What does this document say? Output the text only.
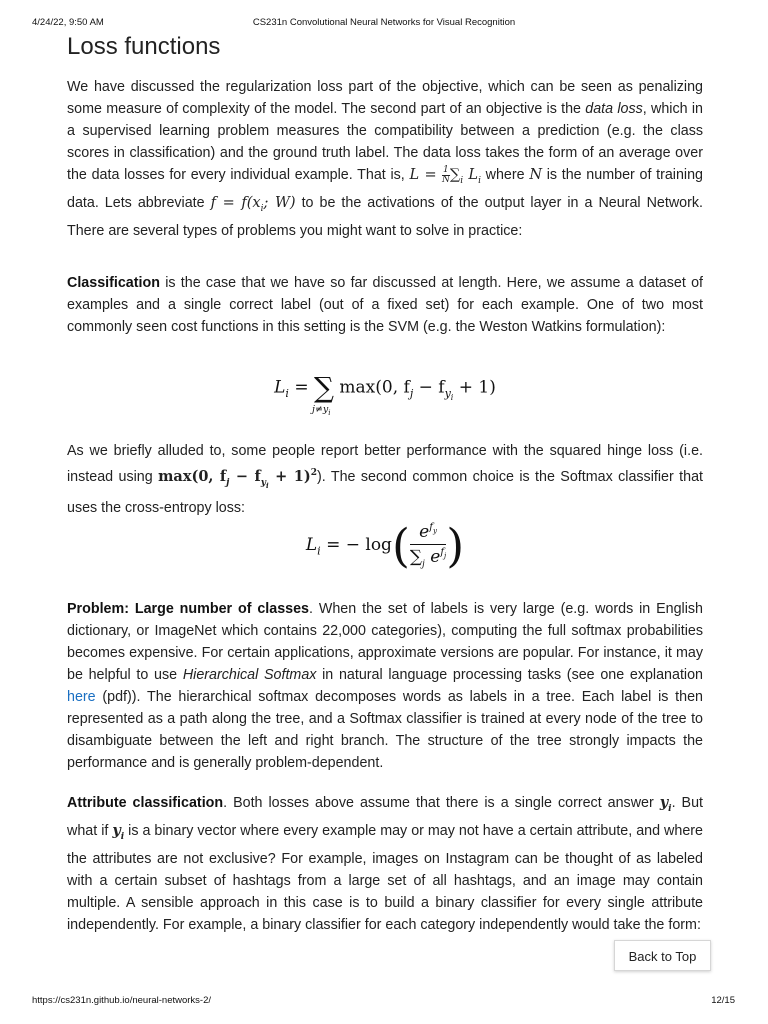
4/24/22, 9:50 AM	CS231n Convolutional Neural Networks for Visual Recognition
Loss functions

We have discussed the regularization loss part of the objective, which can be seen as penalizing some measure of complexity of the model. The second part of an objective is the data loss, which in a supervised learning problem measures the compatibility between a prediction (e.g. the class scores in classification) and the ground truth label. The data loss takes the form of an average over the data losses for every individual example. That is, $L = \frac{1}{N} \sum_i$ $L_i$ where N is the number of training data. Lets abbreviate $f = f(x_i$; W) to be the activations of the output layer in a Neural Network. There are several types of problems you might want to solve in practice:

Classification is the case that we have so far discussed at length. Here, we assume a dataset of examples and a single correct label (out of a fixed set) for each example. One of two most commonly seen cost functions in this setting is the SVM (e.g. the Weston Watkins formulation):

$L_i$ = ∑
$j\ne y_i$
max(0, $f_j - f_{y_i} + 1$)

As we briefly alluded to, some people report better performance with the squared hinge loss (i.e. instead using max(0, $f_j - f_{y_i} + 1)^2$). The second common choice is the Softmax classifier that uses the cross-entropy loss:

$L_i$ = − $\log( \frac{e^{f_y}}{\sum_j e^{f_j}}$ )

Problem: Large number of classes. When the set of labels is very large (e.g. words in English dictionary, or ImageNet which contains 22,000 categories), computing the full softmax probabilities becomes expensive. For certain applications, approximate versions are popular. For instance, it may be helpful to use Hierarchical Softmax in natural language processing tasks (see one explanation here (pdf)). The hierarchical softmax decomposes words as labels in a tree. Each label is then represented as a path along the tree, and a Softmax classifier is trained at every node of the tree to disambiguate between the left and right branch. The structure of the tree strongly impacts the performance and is generally problem-dependent.

Attribute classification. Both losses above assume that there is a single correct answer $y_i$. But what if $y_i$ is a binary vector where every example may or may not have a certain attribute, and where the attributes are not exclusive? For example, images on Instagram can be thought of as labeled with a certain subset of hashtags from a large set of all hashtags, and an image may contain multiple. A sensible approach in this case is to build a binary classifier for every single attribute independently. For example, a binary classifier for each category independently would take the form:

Back to Top
https://cs231n.github.io/neural-networks-2/	12/15
